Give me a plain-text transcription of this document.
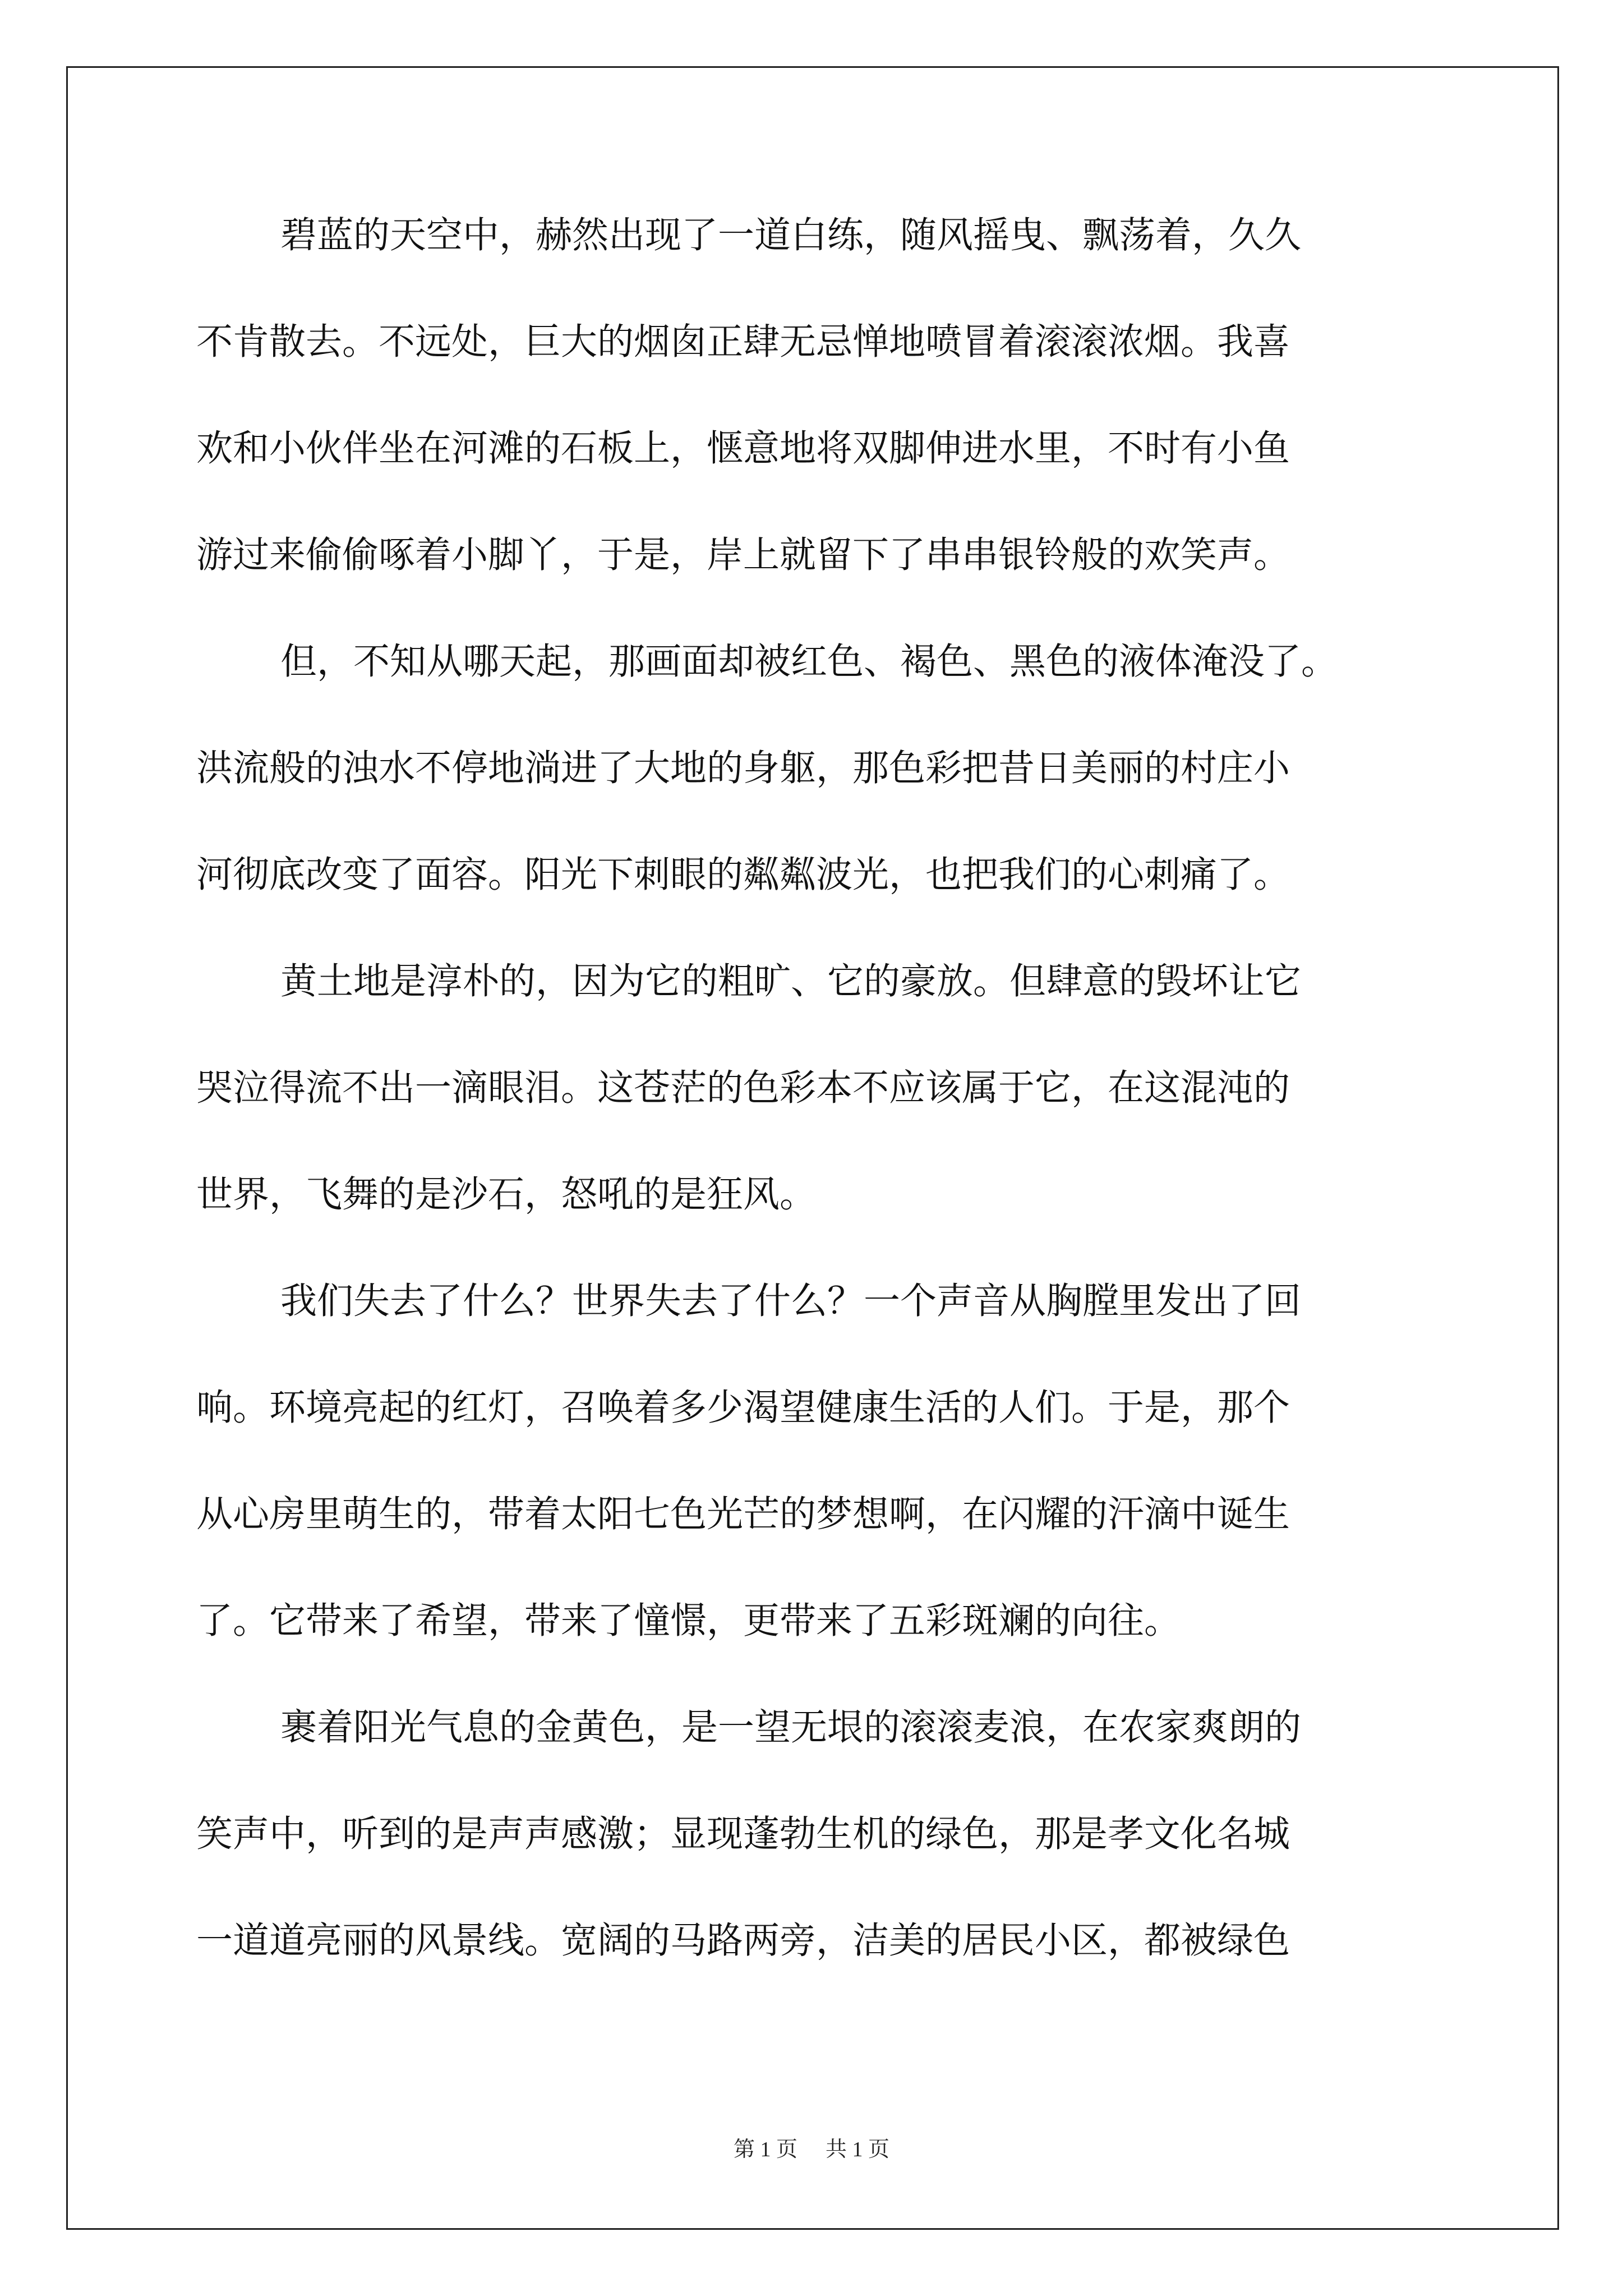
碧蓝的天空中，赫然出现了一道白练，随风摇曳、飘荡着，久久
不肯散去。不远处，巨大的烟囱正肆无忌惮地喷冒着滚滚浓烟。我喜
欢和小伙伴坐在河滩的石板上，惬意地将双脚伸进水里，不时有小鱼
游过来偷偷啄着小脚丫，于是，岸上就留下了串串银铃般的欢笑声。
但，不知从哪天起，那画面却被红色、褐色、黑色的液体淹没了。
洪流般的浊水不停地淌进了大地的身躯，那色彩把昔日美丽的村庄小
河彻底改变了面容。阳光下刺眼的粼粼波光，也把我们的心刺痛了。
黄土地是淳朴的，因为它的粗旷、它的豪放。但肆意的毁坏让它
哭泣得流不出一滴眼泪。这苍茫的色彩本不应该属于它，在这混沌的
世界，飞舞的是沙石，怒吼的是狂风。
我们失去了什么？世界失去了什么？一个声音从胸膛里发出了回
响。环境亮起的红灯，召唤着多少渴望健康生活的人们。于是，那个
从心房里萌生的，带着太阳七色光芒的梦想啊，在闪耀的汗滴中诞生
了。它带来了希望，带来了憧憬，更带来了五彩斑斓的向往。
裹着阳光气息的金黄色，是一望无垠的滚滚麦浪，在农家爽朗的
笑声中，听到的是声声感激；显现蓬勃生机的绿色，那是孝文化名城
一道道亮丽的风景线。宽阔的马路两旁，洁美的居民小区，都被绿色
第 1 页 共 1 页
